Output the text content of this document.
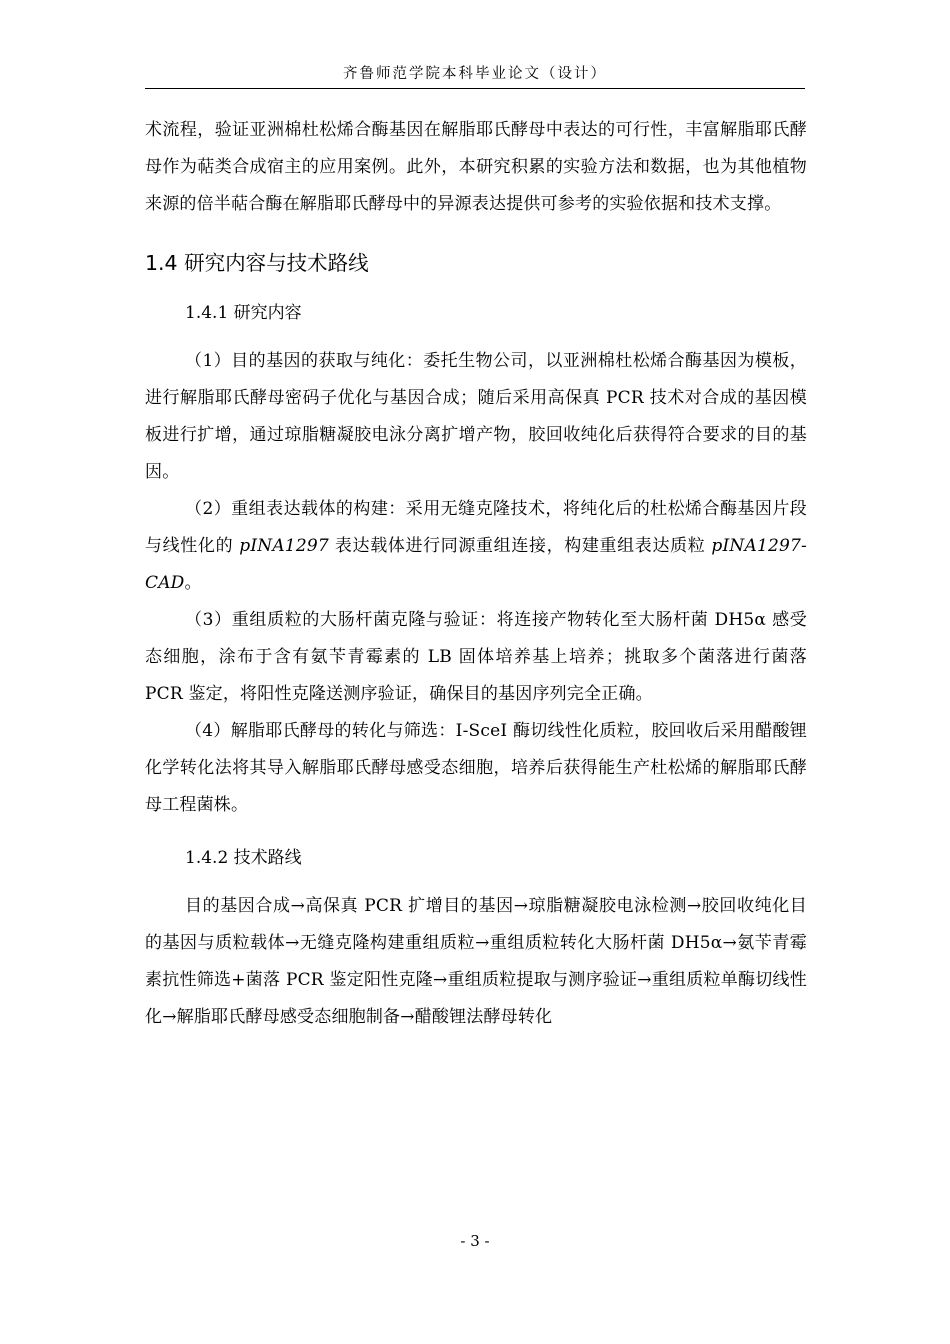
齐鲁师范学院本科毕业论文（设计）

术流程，验证亚洲棉杜松烯合酶基因在解脂耶氏酵母中表达的可行性，丰富解脂耶氏酵母作为萜类合成宿主的应用案例。此外，本研究积累的实验方法和数据，也为其他植物来源的倍半萜合酶在解脂耶氏酵母中的异源表达提供可参考的实验依据和技术支撑。

1.4 研究内容与技术路线
1.4.1 研究内容

（1）目的基因的获取与纯化：委托生物公司，以亚洲棉杜松烯合酶基因为模板，进行解脂耶氏酵母密码子优化与基因合成；随后采用高保真 PCR 技术对合成的基因模板进行扩增，通过琼脂糖凝胶电泳分离扩增产物，胶回收纯化后获得符合要求的目的基因。

（2）重组表达载体的构建：采用无缝克隆技术，将纯化后的杜松烯合酶基因片段与线性化的 pINA1297 表达载体进行同源重组连接，构建重组表达质粒 pINA1297-CAD。

（3）重组质粒的大肠杆菌克隆与验证：将连接产物转化至大肠杆菌 DH5α 感受态细胞，涂布于含有氨苄青霉素的 LB 固体培养基上培养；挑取多个菌落进行菌落 PCR 鉴定，将阳性克隆送测序验证，确保目的基因序列完全正确。

（4）解脂耶氏酵母的转化与筛选：I-SceI 酶切线性化质粒，胶回收后采用醋酸锂化学转化法将其导入解脂耶氏酵母感受态细胞，培养后获得能生产杜松烯的解脂耶氏酵母工程菌株。

1.4.2 技术路线

目的基因合成→高保真 PCR 扩增目的基因→琼脂糖凝胶电泳检测→胶回收纯化目的基因与质粒载体→无缝克隆构建重组质粒→重组质粒转化大肠杆菌 DH5α→氨苄青霉素抗性筛选+菌落 PCR 鉴定阳性克隆→重组质粒提取与测序验证→重组质粒单酶切线性化→解脂耶氏酵母感受态细胞制备→醋酸锂法酵母转化

- 3 -
